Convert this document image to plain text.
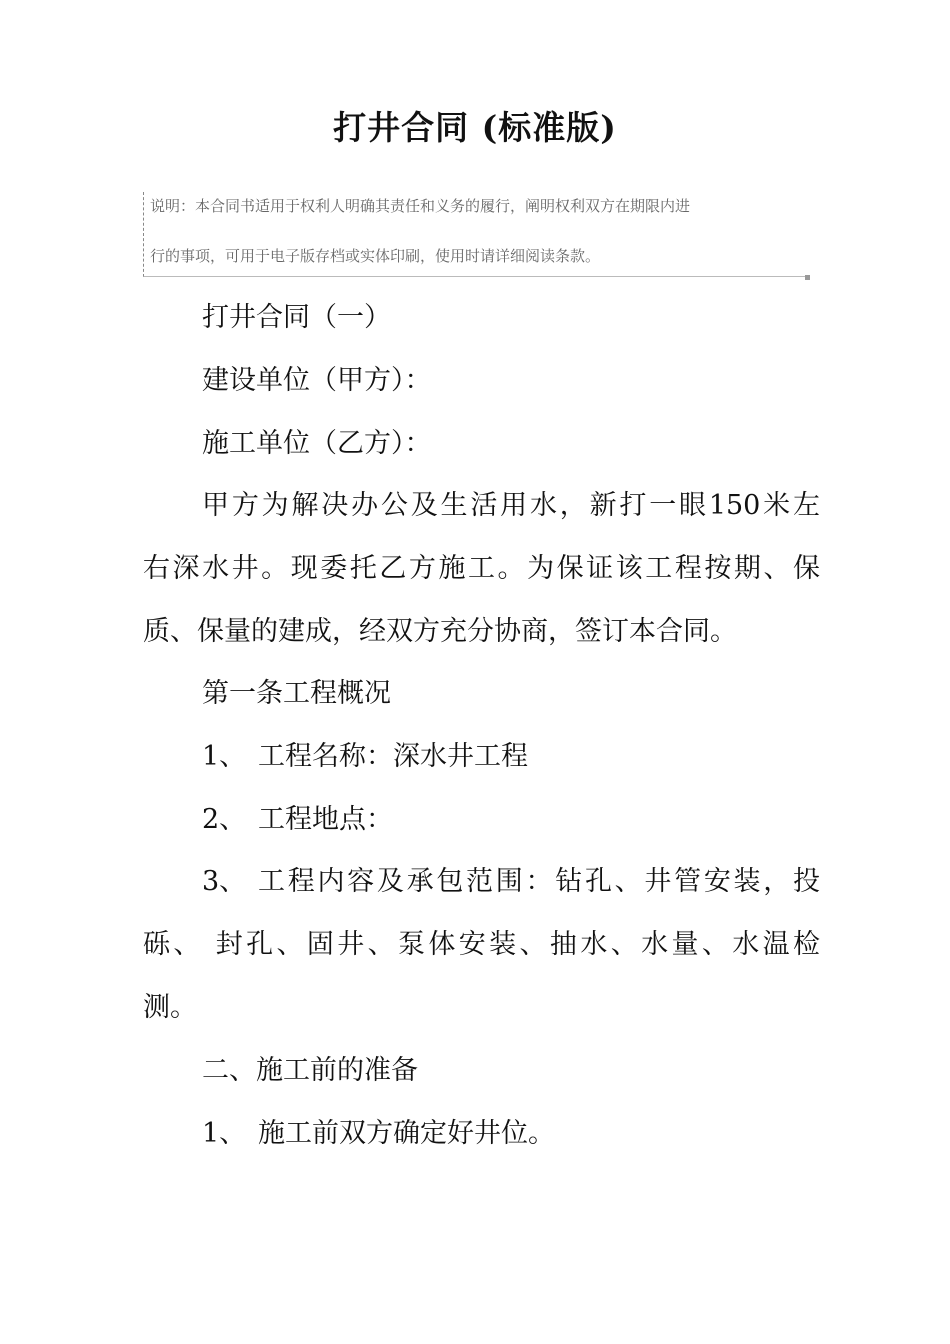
打井合同 (标准版)
说明：本合同书适用于权利人明确其责任和义务的履行，阐明权利双方在期限内进
行的事项，可用于电子版存档或实体印刷，使用时请详细阅读条款。
打井合同（一）
建设单位（甲方）：
施工单位（乙方）：
甲方为解决办公及生活用水，新打一眼150米左
右深水井。现委托乙方施工。为保证该工程按期、保
质、保量的建成，经双方充分协商，签订本合同。
第一条工程概况
1、 工程名称：深水井工程
2、 工程地点：
3、 工程内容及承包范围：钻孔、井管安装，投
砾、 封孔、固井、泵体安装、抽水、水量、水温检
测。
二、施工前的准备
1、 施工前双方确定好井位。
